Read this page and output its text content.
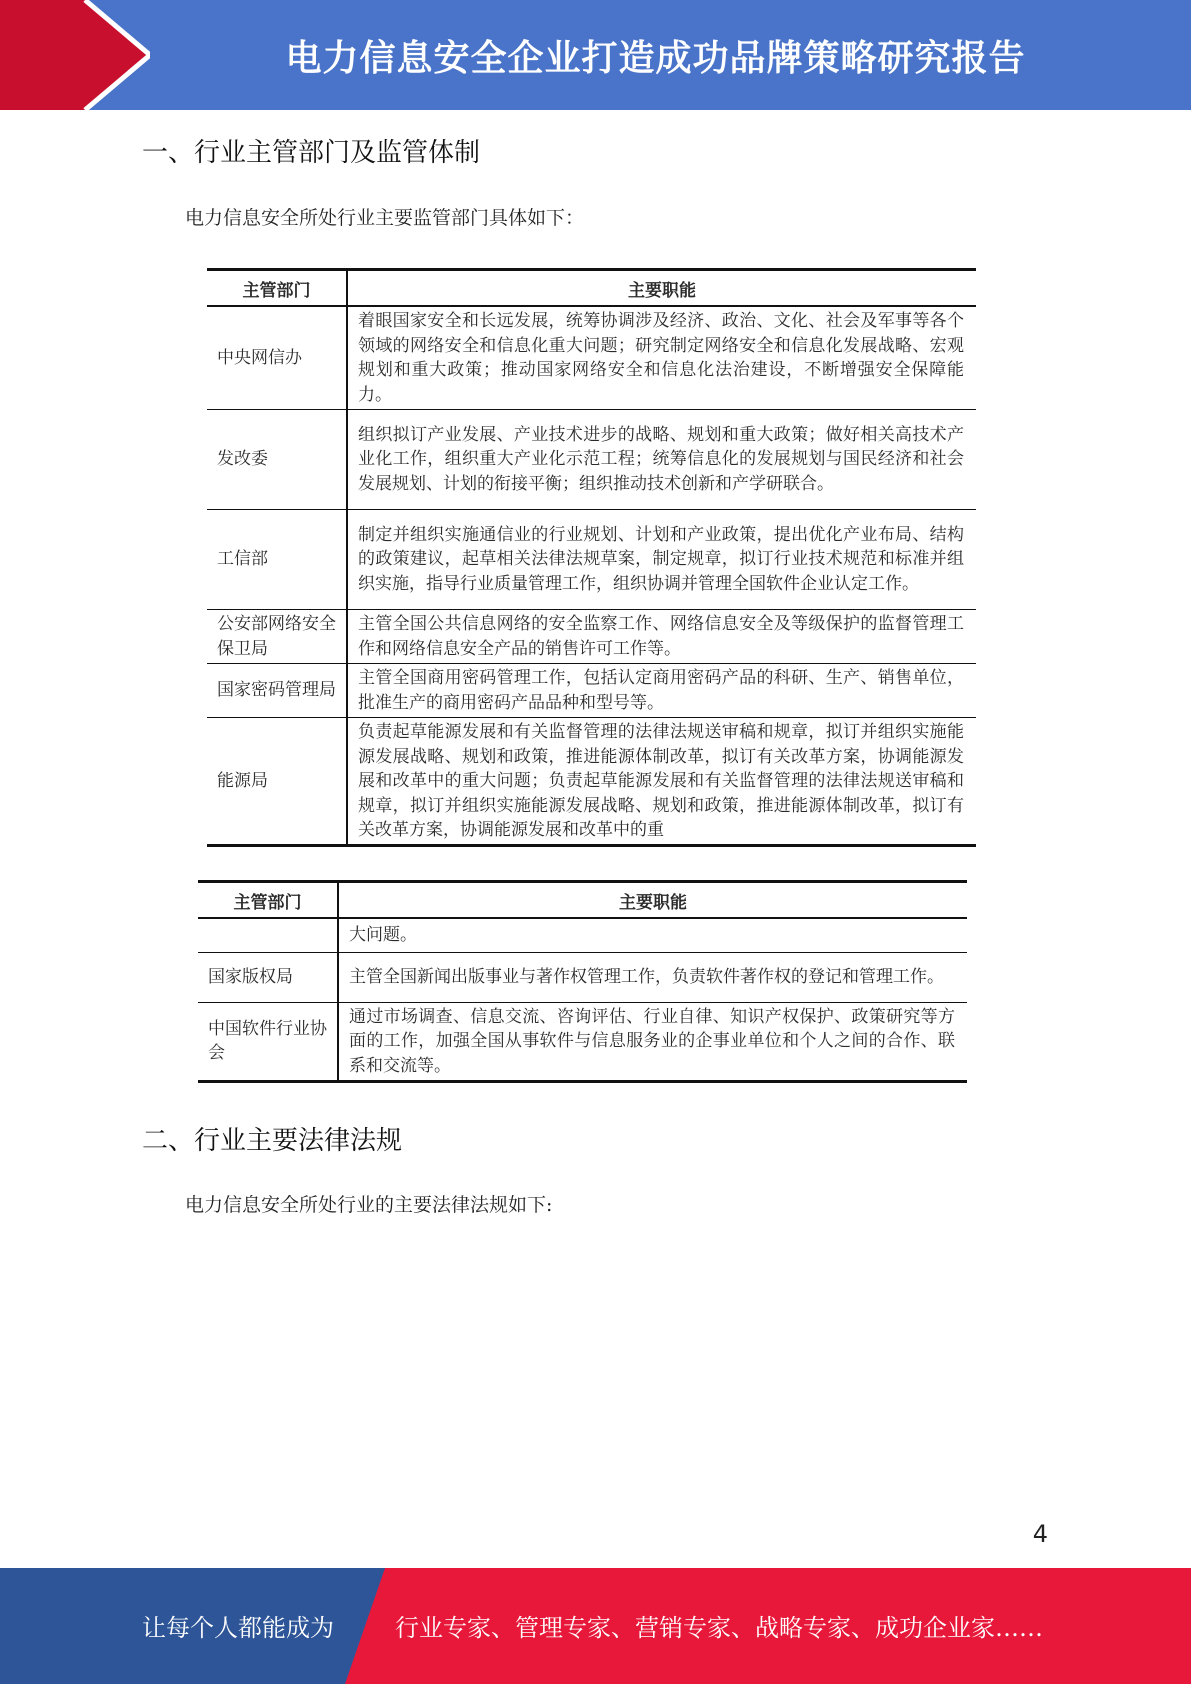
电力信息安全企业打造成功品牌策略研究报告
一、行业主管部门及监管体制
电力信息安全所处行业主要监管部门具体如下：
主管部门	主要职能
中央网信办	着眼国家安全和长远发展，统筹协调涉及经济、政治、文化、社会及军事等各个领域的网络安全和信息化重大问题；研究制定网络安全和信息化发展战略、宏观规划和重大政策；推动国家网络安全和信息化法治建设，不断增强安全保障能力。
发改委	组织拟订产业发展、产业技术进步的战略、规划和重大政策；做好相关高技术产业化工作，组织重大产业化示范工程；统筹信息化的发展规划与国民经济和社会发展规划、计划的衔接平衡；组织推动技术创新和产学研联合。
工信部	制定并组织实施通信业的行业规划、计划和产业政策，提出优化产业布局、结构的政策建议，起草相关法律法规草案，制定规章，拟订行业技术规范和标准并组织实施，指导行业质量管理工作，组织协调并管理全国软件企业认定工作。
公安部网络安全保卫局	主管全国公共信息网络的安全监察工作、网络信息安全及等级保护的监督管理工作和网络信息安全产品的销售许可工作等。
国家密码管理局	主管全国商用密码管理工作，包括认定商用密码产品的科研、生产、销售单位，批准生产的商用密码产品品种和型号等。
能源局	负责起草能源发展和有关监督管理的法律法规送审稿和规章，拟订并组织实施能源发展战略、规划和政策，推进能源体制改革，拟订有关改革方案，协调能源发展和改革中的重大问题；负责起草能源发展和有关监督管理的法律法规送审稿和规章，拟订并组织实施能源发展战略、规划和政策，推进能源体制改革，拟订有关改革方案，协调能源发展和改革中的重
主管部门	主要职能
	大问题。
国家版权局	主管全国新闻出版事业与著作权管理工作，负责软件著作权的登记和管理工作。
中国软件行业协会	通过市场调查、信息交流、咨询评估、行业自律、知识产权保护、政策研究等方面的工作，加强全国从事软件与信息服务业的企事业单位和个人之间的合作、联系和交流等。
二、行业主要法律法规
电力信息安全所处行业的主要法律法规如下:
4
让每个人都能成为	行业专家、管理专家、营销专家、战略专家、成功企业家……
